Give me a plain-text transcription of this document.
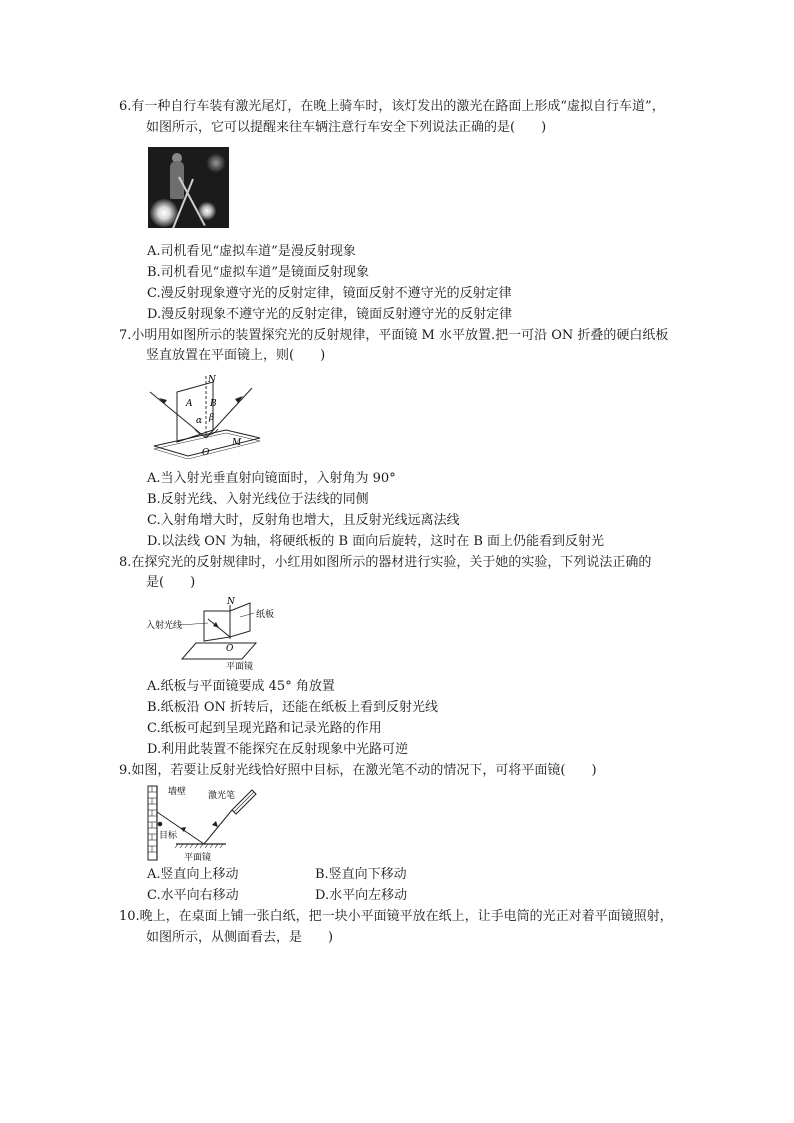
6.有一种自行车装有激光尾灯，在晚上骑车时，该灯发出的激光在路面上形成“虚拟自行车道”，
如图所示，它可以提醒来往车辆注意行车安全下列说法正确的是(　　)
A.司机看见“虚拟车道”是漫反射现象
B.司机看见“虚拟车道”是镜面反射现象
C.漫反射现象遵守光的反射定律，镜面反射不遵守光的反射定律
D.漫反射现象不遵守光的反射定律，镜面反射遵守光的反射定律
7.小明用如图所示的装置探究光的反射规律，平面镜 M 水平放置.把一可沿 ON 折叠的硬白纸板
竖直放置在平面镜上，则(　　)
N
A B
α β
O
M
A.当入射光垂直射向镜面时，入射角为 90°
B.反射光线、入射光线位于法线的同侧
C.入射角增大时，反射角也增大，且反射光线远离法线
D.以法线 ON 为轴，将硬纸板的 B 面向后旋转，这时在 B 面上仍能看到反射光
8.在探究光的反射规律时，小红用如图所示的器材进行实验，关于她的实验，下列说法正确的
是(　　)
N
纸板
入射光线
O
平面镜
A.纸板与平面镜要成 45° 角放置
B.纸板沿 ON 折转后，还能在纸板上看到反射光线
C.纸板可起到呈现光路和记录光路的作用
D.利用此装置不能探究在反射现象中光路可逆
9.如图，若要让反射光线恰好照中目标，在激光笔不动的情况下，可将平面镜(　　)
墙壁 激光笔
目标
平面镜
A.竖直向上移动	B.竖直向下移动
C.水平向右移动	D.水平向左移动
10.晚上，在桌面上铺一张白纸，把一块小平面镜平放在纸上，让手电筒的光正对着平面镜照射，
如图所示，从侧面看去，是　　)
